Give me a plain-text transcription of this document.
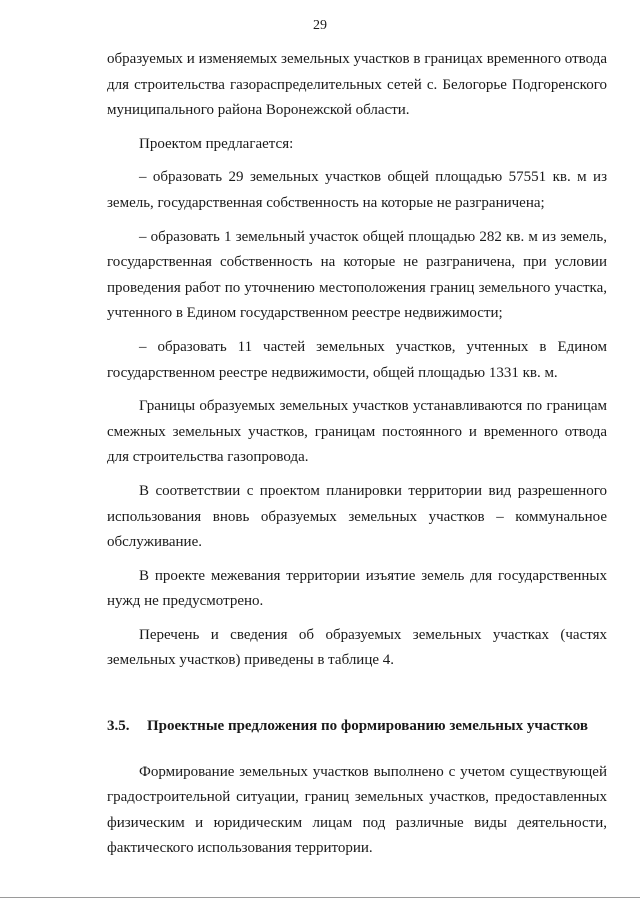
29

образуемых и изменяемых земельных участков в границах временного отвода для строительства газораспределительных сетей с. Белогорье Подгоренского муниципального района Воронежской области.

Проектом предлагается:

– образовать 29 земельных участков общей площадью 57551 кв. м из земель, государственная собственность на которые не разграничена;

– образовать 1 земельный участок общей площадью 282 кв. м из земель, государственная собственность на которые не разграничена, при условии проведения работ по уточнению местоположения границ земельного участка, учтенного в Едином государственном реестре недвижимости;

– образовать 11 частей земельных участков, учтенных в Едином государственном реестре недвижимости, общей площадью 1331 кв. м.

Границы образуемых земельных участков устанавливаются по границам смежных земельных участков, границам постоянного и временного отвода для строительства газопровода.

В соответствии с проектом планировки территории вид разрешенного использования вновь образуемых земельных участков – коммунальное обслуживание.

В проекте межевания территории изъятие земель для государственных нужд не предусмотрено.

Перечень и сведения об образуемых земельных участках (частях земельных участков) приведены в таблице 4.

3.5. Проектные предложения по формированию земельных участков

Формирование земельных участков выполнено с учетом существующей градостроительной ситуации, границ земельных участков, предоставленных физическим и юридическим лицам под различные виды деятельности, фактического использования территории.
